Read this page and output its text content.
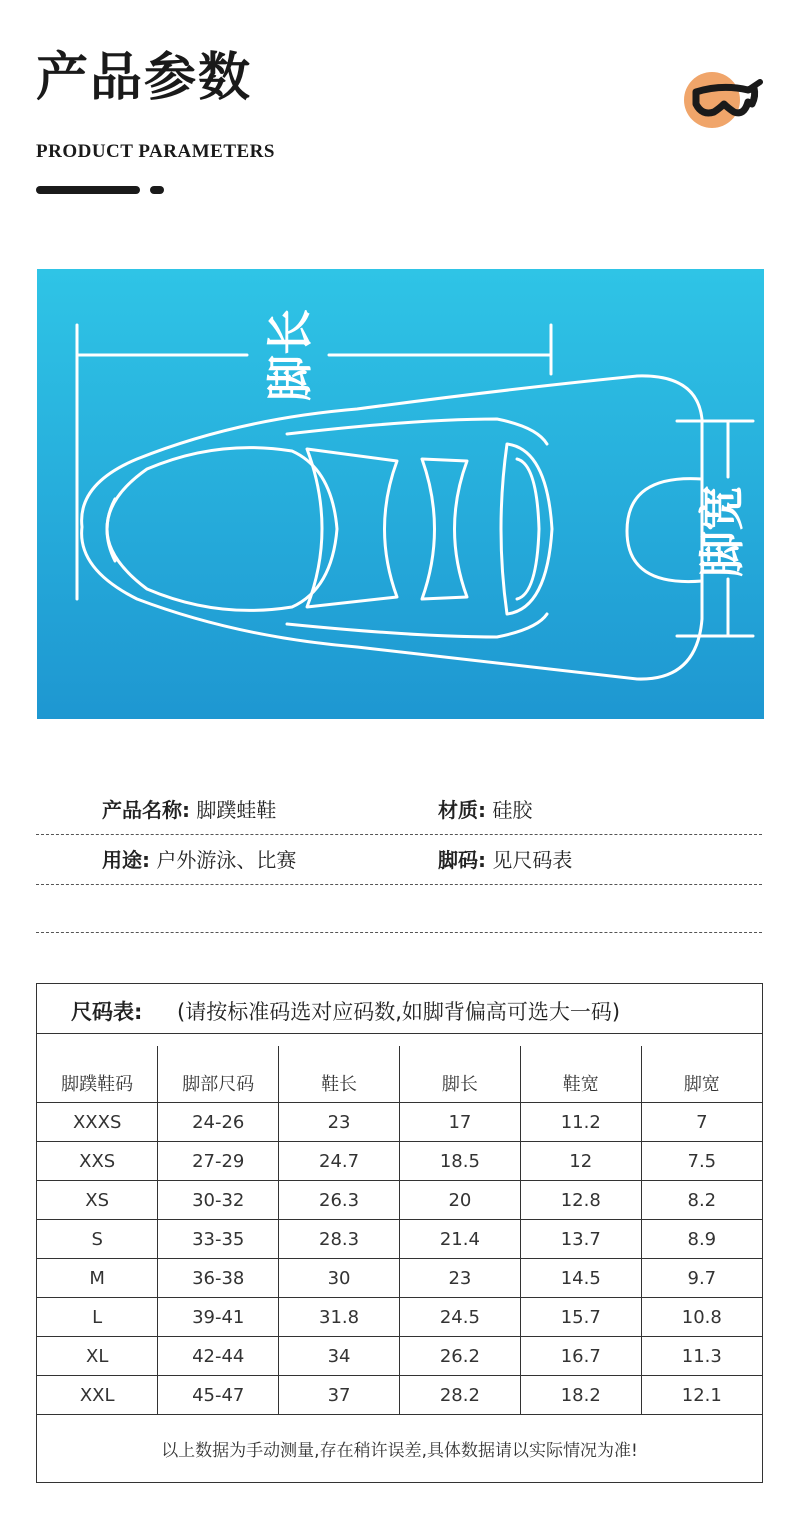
产品参数
PRODUCT PARAMETERS
脚长
脚宽
产品名称: 脚蹼蛙鞋	材质: 硅胶
用途: 户外游泳、比赛	脚码: 见尺码表
尺码表: (请按标准码选对应码数,如脚背偏高可选大一码)
脚蹼鞋码	脚部尺码	鞋长	脚长	鞋宽	脚宽
XXXS	24-26	23	17	11.2	7
XXS	27-29	24.7	18.5	12	7.5
XS	30-32	26.3	20	12.8	8.2
S	33-35	28.3	21.4	13.7	8.9
M	36-38	30	23	14.5	9.7
L	39-41	31.8	24.5	15.7	10.8
XL	42-44	34	26.2	16.7	11.3
XXL	45-47	37	28.2	18.2	12.1
以上数据为手动测量,存在稍许误差,具体数据请以实际情况为准!
